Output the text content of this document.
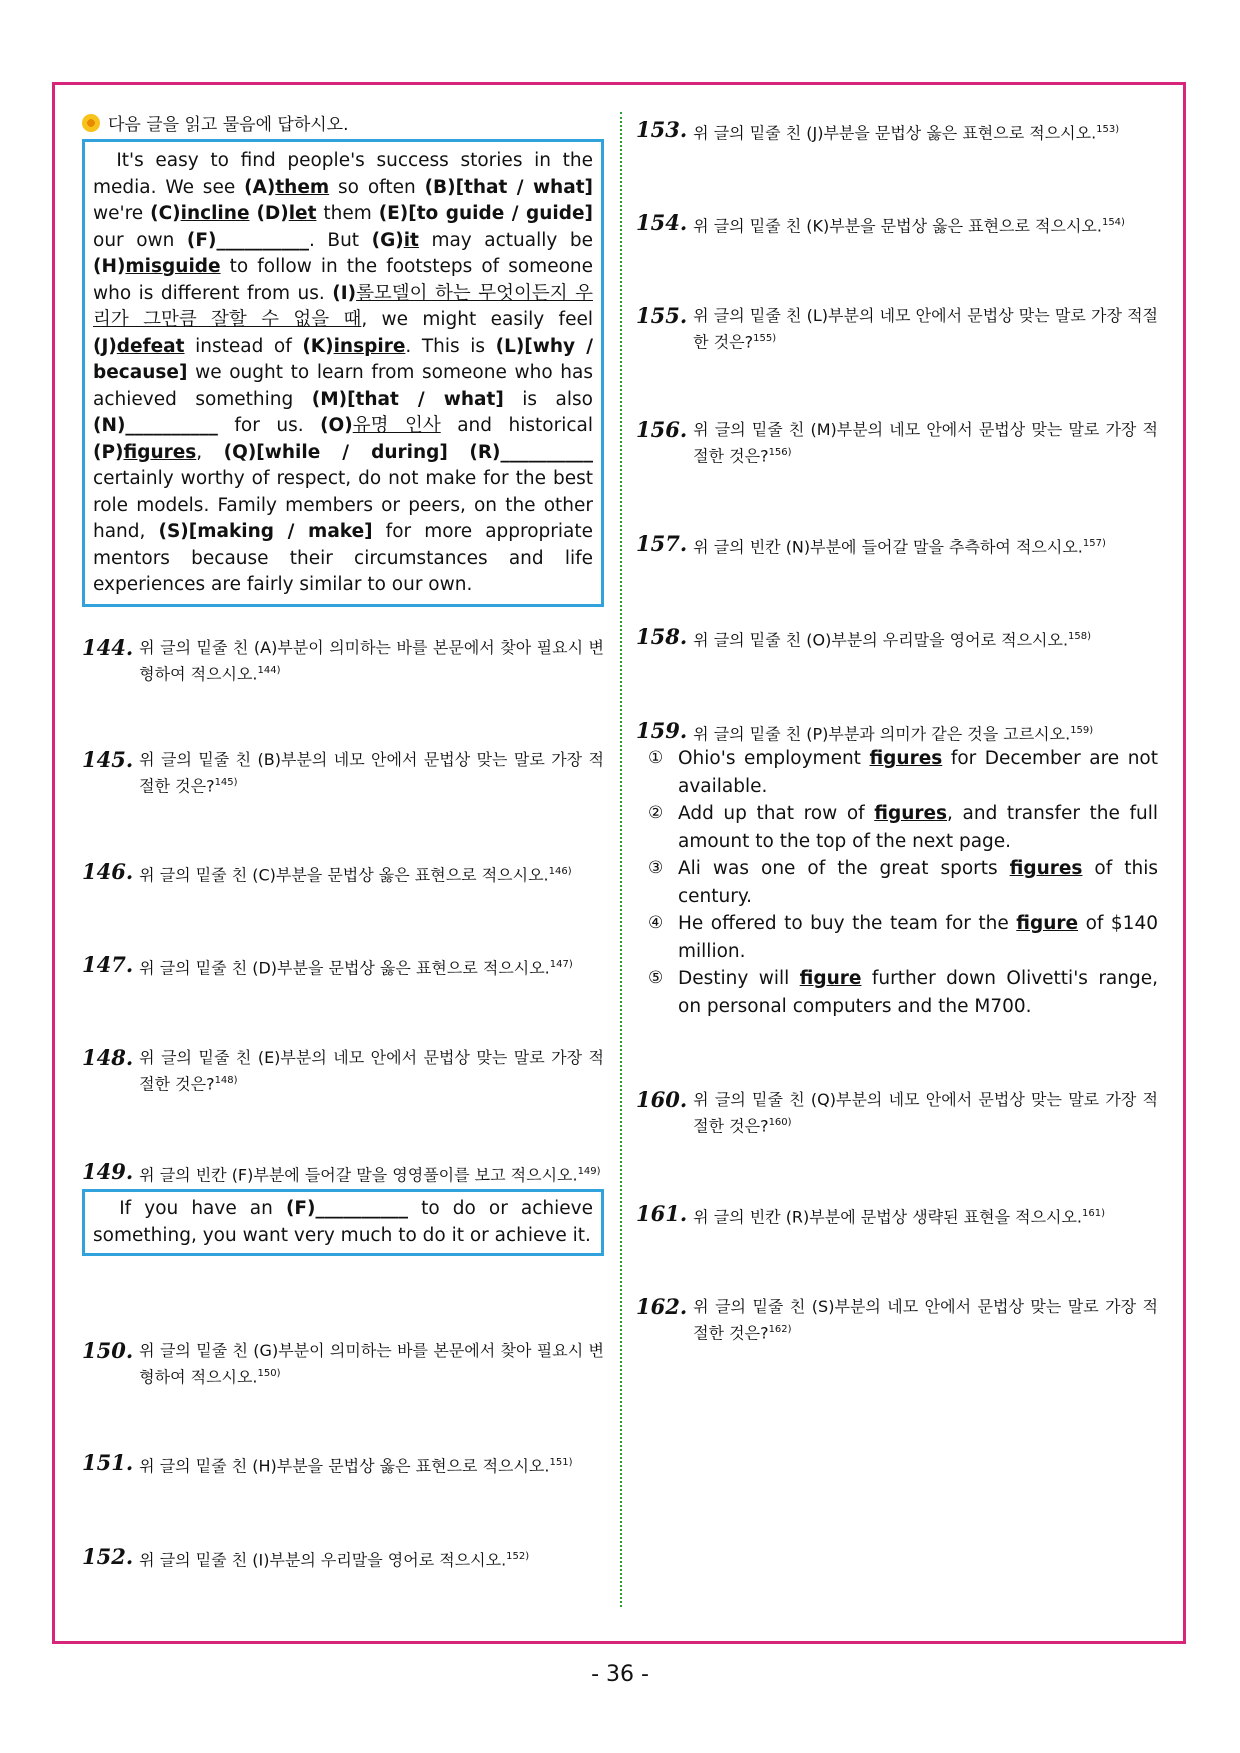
다음 글을 읽고 물음에 답하시오.
It's easy to find people's success stories in the media. We see (A)them so often (B)[that / what] we're (C)incline (D)let them (E)[to guide / guide] our own (F)__________. But (G)it may actually be (H)misguide to follow in the footsteps of someone who is different from us. (I)롤모델이 하는 무엇이든지 우리가 그만큼 잘할 수 없을 때, we might easily feel (J)defeat instead of (K)inspire. This is (L)[why / because] we ought to learn from someone who has achieved something (M)[that / what] is also (N)__________ for us. (O)유명 인사 and historical (P)figures, (Q)[while / during] (R)__________ certainly worthy of respect, do not make for the best role models. Family members or peers, on the other hand, (S)[making / make] for more appropriate mentors because their circumstances and life experiences are fairly similar to our own.
144. 위 글의 밑줄 친 (A)부분이 의미하는 바를 본문에서 찾아 필요시 변형하여 적으시오.$^{144)}$
145. 위 글의 밑줄 친 (B)부분의 네모 안에서 문법상 맞는 말로 가장 적절한 것은?$^{145)}$
146. 위 글의 밑줄 친 (C)부분을 문법상 옳은 표현으로 적으시오.$^{146)}$
147. 위 글의 밑줄 친 (D)부분을 문법상 옳은 표현으로 적으시오.$^{147)}$
148. 위 글의 밑줄 친 (E)부분의 네모 안에서 문법상 맞는 말로 가장 적절한 것은?$^{148)}$
149. 위 글의 빈칸 (F)부분에 들어갈 말을 영영풀이를 보고 적으시오.$^{149)}$
If you have an (F)__________ to do or achieve something, you want very much to do it or achieve it.
150. 위 글의 밑줄 친 (G)부분이 의미하는 바를 본문에서 찾아 필요시 변형하여 적으시오.$^{150)}$
151. 위 글의 밑줄 친 (H)부분을 문법상 옳은 표현으로 적으시오.$^{151)}$
152. 위 글의 밑줄 친 (I)부분의 우리말을 영어로 적으시오.$^{152)}$
153. 위 글의 밑줄 친 (J)부분을 문법상 옳은 표현으로 적으시오.$^{153)}$
154. 위 글의 밑줄 친 (K)부분을 문법상 옳은 표현으로 적으시오.$^{154)}$
155. 위 글의 밑줄 친 (L)부분의 네모 안에서 문법상 맞는 말로 가장 적절한 것은?$^{155)}$
156. 위 글의 밑줄 친 (M)부분의 네모 안에서 문법상 맞는 말로 가장 적절한 것은?$^{156)}$
157. 위 글의 빈칸 (N)부분에 들어갈 말을 추측하여 적으시오.$^{157)}$
158. 위 글의 밑줄 친 (O)부분의 우리말을 영어로 적으시오.$^{158)}$
159. 위 글의 밑줄 친 (P)부분과 의미가 같은 것을 고르시오.$^{159)}$
① Ohio's employment figures for December are not available.
② Add up that row of figures, and transfer the full amount to the top of the next page.
③ Ali was one of the great sports figures of this century.
④ He offered to buy the team for the figure of $140 million.
⑤ Destiny will figure further down Olivetti's range, on personal computers and the M700.
160. 위 글의 밑줄 친 (Q)부분의 네모 안에서 문법상 맞는 말로 가장 적절한 것은?$^{160)}$
161. 위 글의 빈칸 (R)부분에 문법상 생략된 표현을 적으시오.$^{161)}$
162. 위 글의 밑줄 친 (S)부분의 네모 안에서 문법상 맞는 말로 가장 적절한 것은?$^{162)}$
- 36 -
